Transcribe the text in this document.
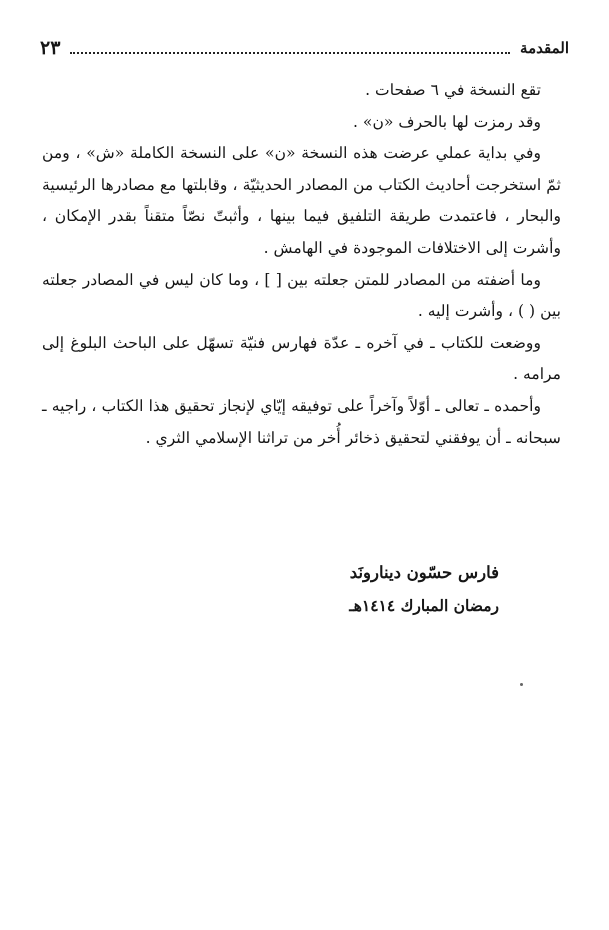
المقدمة
٢٣

تقع النسخة في ٦ صفحات .

وقد رمزت لها بالحرف «ن» .

وفي بداية عملي عرضت هذه النسخة «ن» على النسخة الكاملة «ش» ، ومن ثمّ استخرجت أحاديث الكتاب من المصادر الحديثيّة ، وقابلتها مع مصادرها الرئيسية والبحار ، فاعتمدت طريقة التلفيق فيما بينها ، وأثبتّ نصّاً متقناً بقدر الإمكان ، وأشرت إلى الاختلافات الموجودة في الهامش .

وما أضفته من المصادر للمتن جعلته بين [ ] ، وما كان ليس في المصادر جعلته بين ( ) ، وأشرت إليه .

ووضعت للكتاب ـ في آخره ـ عدّة فهارس فنيّة تسهّل على الباحث البلوغ إلى مرامه .

وأحمده ـ تعالى ـ أوّلاً وآخراً على توفيقه إيّاي لإنجاز تحقيق هذا الكتاب ، راجيه ـ سبحانه ـ أن يوفقني لتحقيق ذخائر أُخر من تراثنا الإسلامي الثري .

فارس حسّون دينارونَد
رمضان المبارك ١٤١٤هـ
